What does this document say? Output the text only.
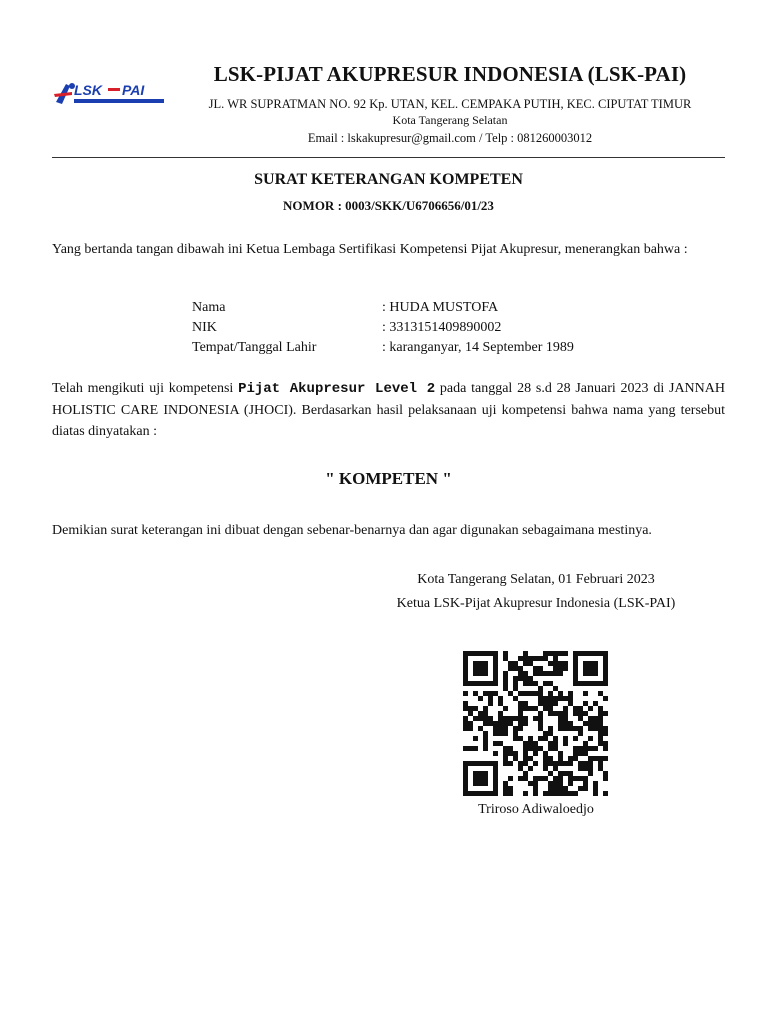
LSK PAI
LSK-PIJAT AKUPRESUR INDONESIA (LSK-PAI)
JL. WR SUPRATMAN NO. 92 Kp. UTAN, KEL. CEMPAKA PUTIH, KEC. CIPUTAT TIMUR
Kota Tangerang Selatan
Email : lskakupresur@gmail.com / Telp : 081260003012
SURAT KETERANGAN KOMPETEN
NOMOR : 0003/SKK/U6706656/01/23
Yang bertanda tangan dibawah ini Ketua Lembaga Sertifikasi Kompetensi Pijat Akupresur, menerangkan bahwa :
Nama	: HUDA MUSTOFA
NIK	: 3313151409890002
Tempat/Tanggal Lahir	: karanganyar, 14 September 1989
Telah mengikuti uji kompetensi Pijat Akupresur Level 2 pada tanggal 28 s.d 28 Januari 2023 di JANNAH HOLISTIC CARE INDONESIA (JHOCI). Berdasarkan hasil pelaksanaan uji kompetensi bahwa nama yang tersebut diatas dinyatakan :
" KOMPETEN "
Demikian surat keterangan ini dibuat dengan sebenar-benarnya dan agar digunakan sebagaimana mestinya.
Kota Tangerang Selatan, 01 Februari 2023
Ketua LSK-Pijat Akupresur Indonesia (LSK-PAI)
Triroso Adiwaloedjo
